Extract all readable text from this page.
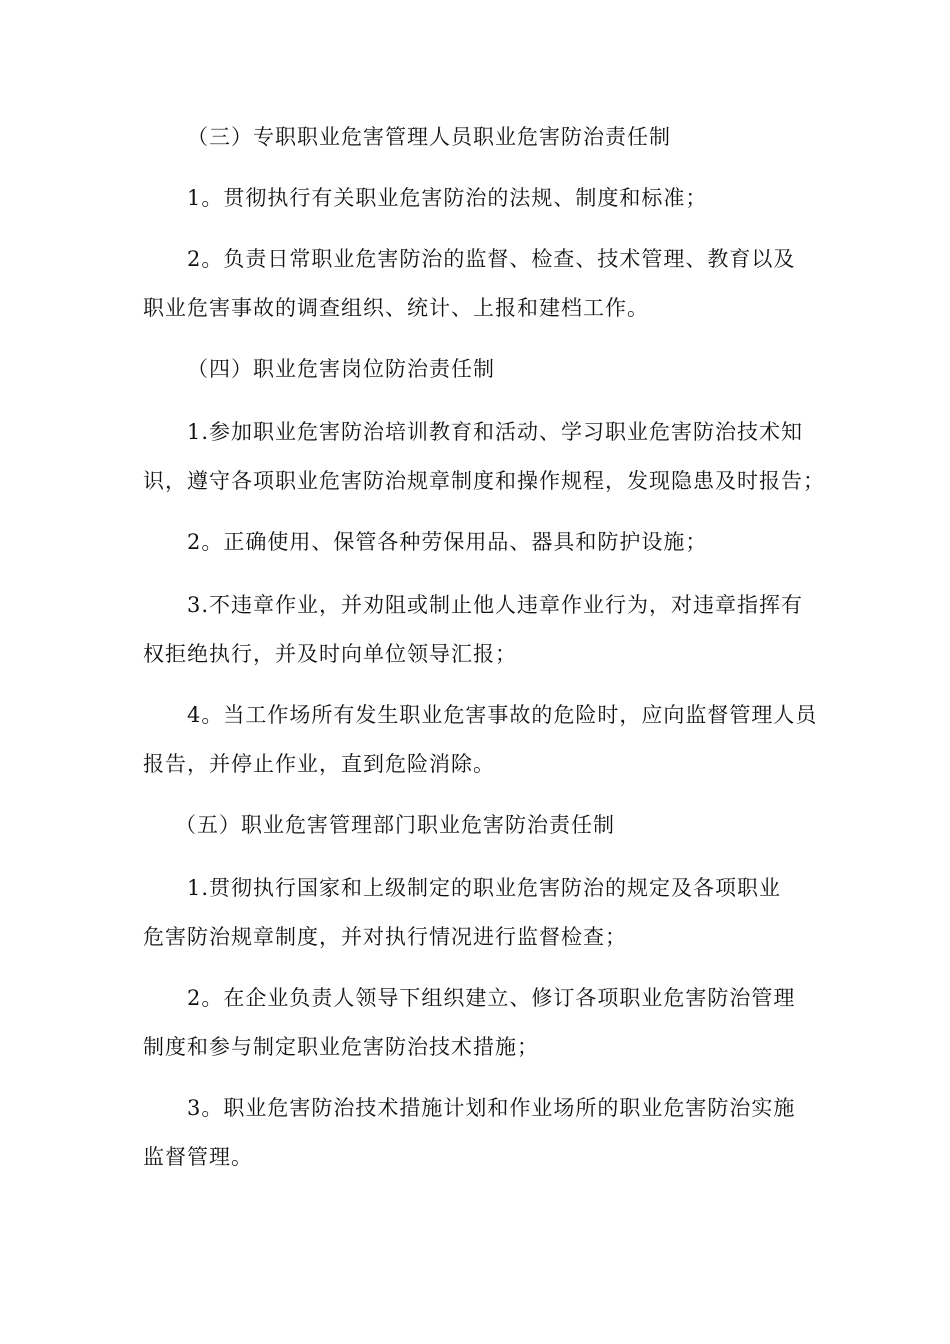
（三）专职职业危害管理人员职业危害防治责任制
1。贯彻执行有关职业危害防治的法规、制度和标准；
2。负责日常职业危害防治的监督、检查、技术管理、教育以及
职业危害事故的调查组织、统计、上报和建档工作。
（四）职业危害岗位防治责任制
1.参加职业危害防治培训教育和活动、学习职业危害防治技术知
识，遵守各项职业危害防治规章制度和操作规程，发现隐患及时报告；
2。正确使用、保管各种劳保用品、器具和防护设施；
3.不违章作业，并劝阻或制止他人违章作业行为，对违章指挥有
权拒绝执行，并及时向单位领导汇报；
4。当工作场所有发生职业危害事故的危险时，应向监督管理人员
报告，并停止作业，直到危险消除。
（五）职业危害管理部门职业危害防治责任制
1.贯彻执行国家和上级制定的职业危害防治的规定及各项职业
危害防治规章制度，并对执行情况进行监督检查；
2。在企业负责人领导下组织建立、修订各项职业危害防治管理
制度和参与制定职业危害防治技术措施；
3。职业危害防治技术措施计划和作业场所的职业危害防治实施
监督管理。
